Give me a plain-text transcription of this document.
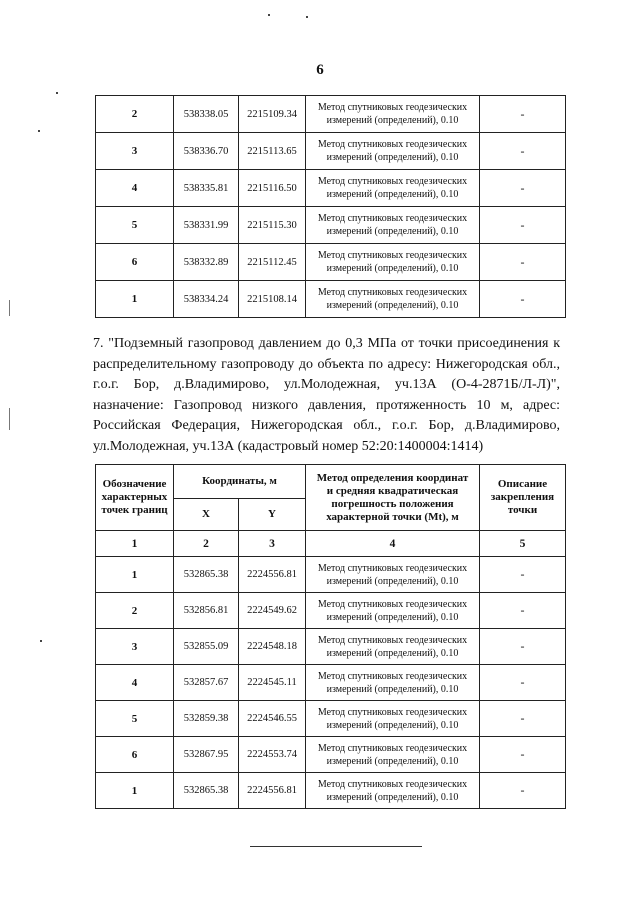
6
2	538338.05	2215109.34	Метод спутниковых геодезических
измерений (определений), 0.10	-
3	538336.70	2215113.65	Метод спутниковых геодезических
измерений (определений), 0.10	-
4	538335.81	2215116.50	Метод спутниковых геодезических
измерений (определений), 0.10	-
5	538331.99	2215115.30	Метод спутниковых геодезических
измерений (определений), 0.10	-
6	538332.89	2215112.45	Метод спутниковых геодезических
измерений (определений), 0.10	-
1	538334.24	2215108.14	Метод спутниковых геодезических
измерений (определений), 0.10	-

7. "Подземный газопровод давлением до 0,3 МПа от точки присоединения к распределительному газопроводу до объекта по адресу: Нижегородская обл., г.о.г. Бор, д.Владимирово, ул.Молодежная, уч.13А (О-4-2871Б/Л-Л)", назначение: Газопровод низкого давления, протяженность 10 м, адрес: Российская Федерация, Нижегородская обл., г.о.г. Бор, д.Владимирово, ул.Молодежная, уч.13А (кадастровый номер 52:20:1400004:1414)

Обозначение
характерных
точек границ	Координаты, м		Метод определения координат
и средняя квадратическая
погрешность положения
характерной точки (Mt), м	Описание
закрепления
точки

	X	Y		
1	2	3	4	5
1	532865.38	2224556.81	Метод спутниковых геодезических
измерений (определений), 0.10	-
2	532856.81	2224549.62	Метод спутниковых геодезических
измерений (определений), 0.10	-
3	532855.09	2224548.18	Метод спутниковых геодезических
измерений (определений), 0.10	-
4	532857.67	2224545.11	Метод спутниковых геодезических
измерений (определений), 0.10	-
5	532859.38	2224546.55	Метод спутниковых геодезических
измерений (определений), 0.10	-
6	532867.95	2224553.74	Метод спутниковых геодезических
измерений (определений), 0.10	-
1	532865.38	2224556.81	Метод спутниковых геодезических
измерений (определений), 0.10	-
